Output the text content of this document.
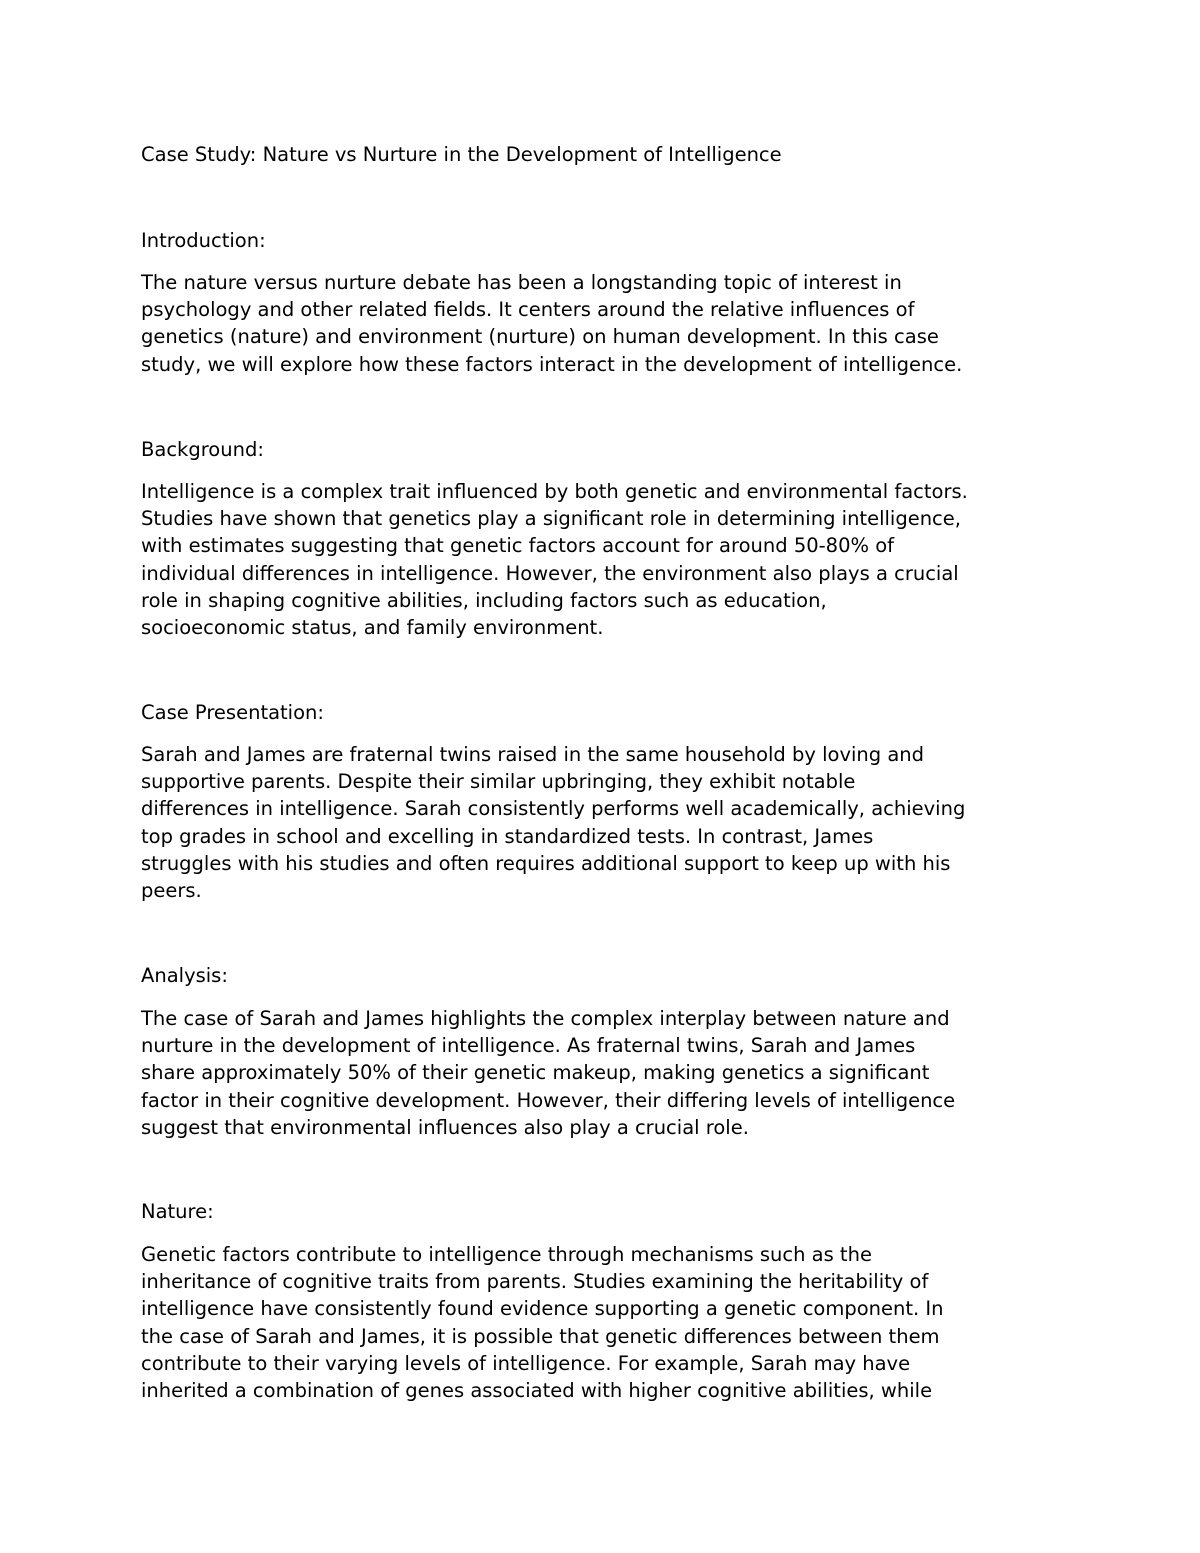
Case Study: Nature vs Nurture in the Development of Intelligence
Introduction:

The nature versus nurture debate has been a longstanding topic of interest in
psychology and other related fields. It centers around the relative influences of
genetics (nature) and environment (nurture) on human development. In this case
study, we will explore how these factors interact in the development of intelligence.

Background:

Intelligence is a complex trait influenced by both genetic and environmental factors.
Studies have shown that genetics play a significant role in determining intelligence,
with estimates suggesting that genetic factors account for around 50-80% of
individual differences in intelligence. However, the environment also plays a crucial
role in shaping cognitive abilities, including factors such as education,
socioeconomic status, and family environment.

Case Presentation:

Sarah and James are fraternal twins raised in the same household by loving and
supportive parents. Despite their similar upbringing, they exhibit notable
differences in intelligence. Sarah consistently performs well academically, achieving
top grades in school and excelling in standardized tests. In contrast, James
struggles with his studies and often requires additional support to keep up with his
peers.

Analysis:

The case of Sarah and James highlights the complex interplay between nature and
nurture in the development of intelligence. As fraternal twins, Sarah and James
share approximately 50% of their genetic makeup, making genetics a significant
factor in their cognitive development. However, their differing levels of intelligence
suggest that environmental influences also play a crucial role.

Nature:

Genetic factors contribute to intelligence through mechanisms such as the
inheritance of cognitive traits from parents. Studies examining the heritability of
intelligence have consistently found evidence supporting a genetic component. In
the case of Sarah and James, it is possible that genetic differences between them
contribute to their varying levels of intelligence. For example, Sarah may have
inherited a combination of genes associated with higher cognitive abilities, while
